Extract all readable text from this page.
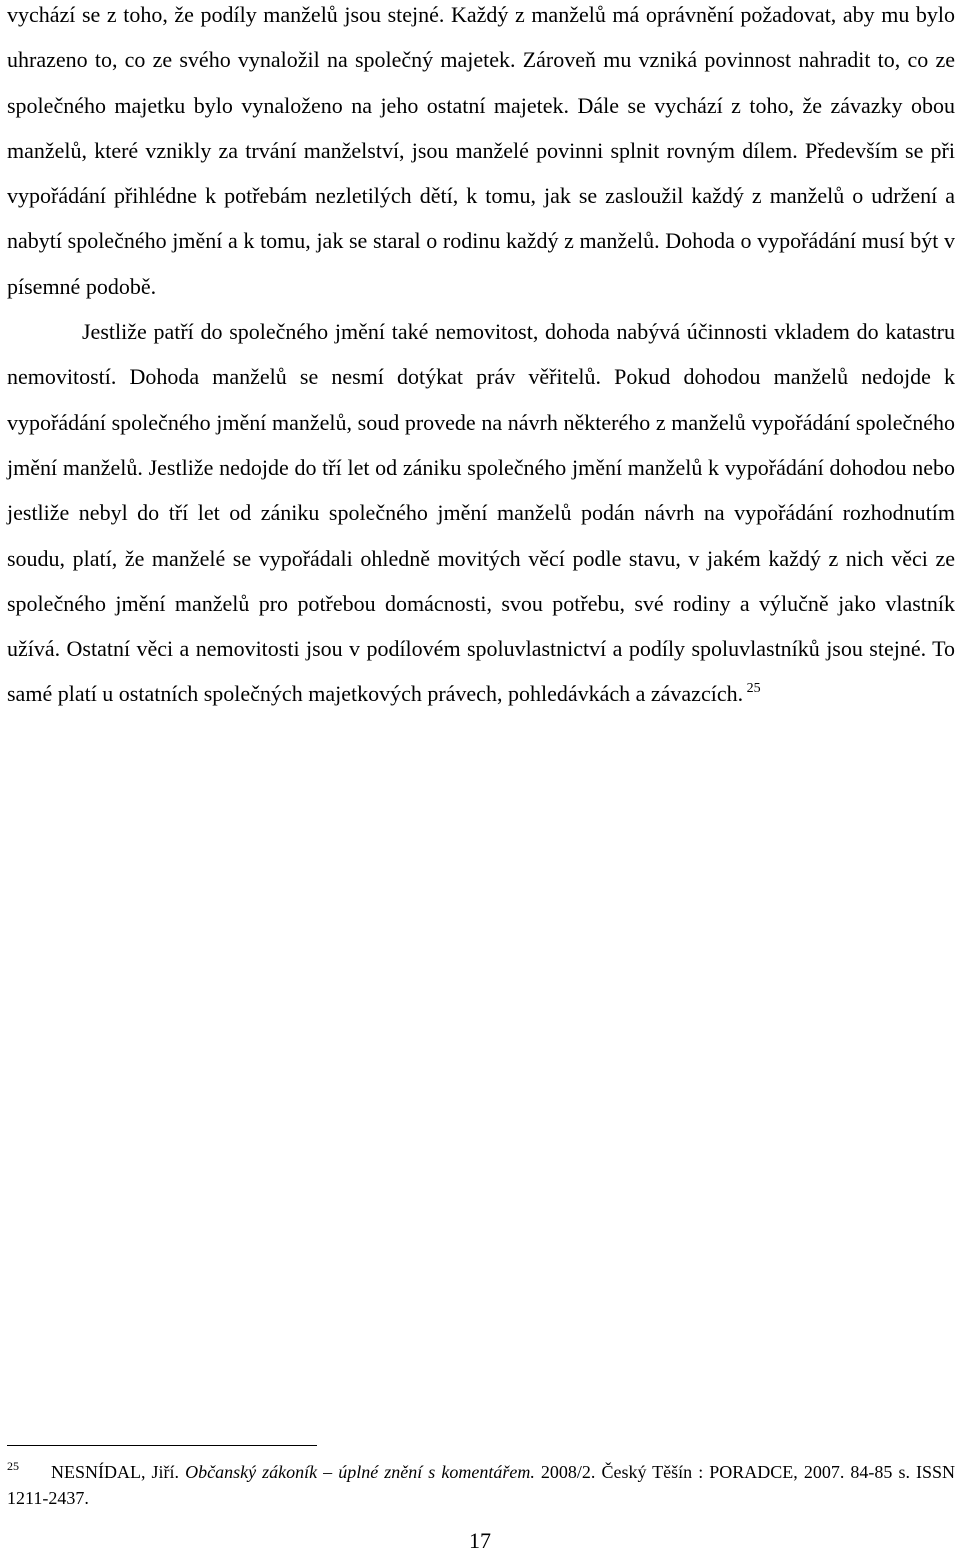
vychází se z toho, že podíly manželů jsou stejné. Každý z manželů má oprávnění požadovat, aby mu bylo uhrazeno to, co ze svého vynaložil na společný majetek. Zároveň mu vzniká povinnost nahradit to, co ze společného majetku bylo vynaloženo na jeho ostatní majetek. Dále se vychází z toho, že závazky obou manželů, které vznikly za trvání manželství, jsou manželé povinni splnit rovným dílem. Především se při vypořádání přihlédne k potřebám nezletilých dětí, k tomu, jak se zasloužil každý z manželů o udržení a nabytí společného jmění a k tomu, jak se staral o rodinu každý z manželů. Dohoda o vypořádání musí být v písemné podobě.

Jestliže patří do společného jmění také nemovitost, dohoda nabývá účinnosti vkladem do katastru nemovitostí. Dohoda manželů se nesmí dotýkat práv věřitelů. Pokud dohodou manželů nedojde k vypořádání společného jmění manželů, soud provede na návrh některého z manželů vypořádání společného jmění manželů. Jestliže nedojde do tří let od zániku společného jmění manželů k vypořádání dohodou nebo jestliže nebyl do tří let od zániku společného jmění manželů podán návrh na vypořádání rozhodnutím soudu, platí, že manželé se vypořádali ohledně movitých věcí podle stavu, v jakém každý z nich věci ze společného jmění manželů pro potřebou domácnosti, svou potřebu, své rodiny a výlučně jako vlastník užívá. Ostatní věci a nemovitosti jsou v podílovém spoluvlastnictví a podíly spoluvlastníků jsou stejné. To samé platí u ostatních společných majetkových právech, pohledávkách a závazcích. $^{25}$

$^{25}$ NESNÍDAL, Jiří. Občanský zákoník – úplné znění s komentářem. 2008/2. Český Těšín : PORADCE, 2007. 84-85 s. ISSN 1211-2437.
17
